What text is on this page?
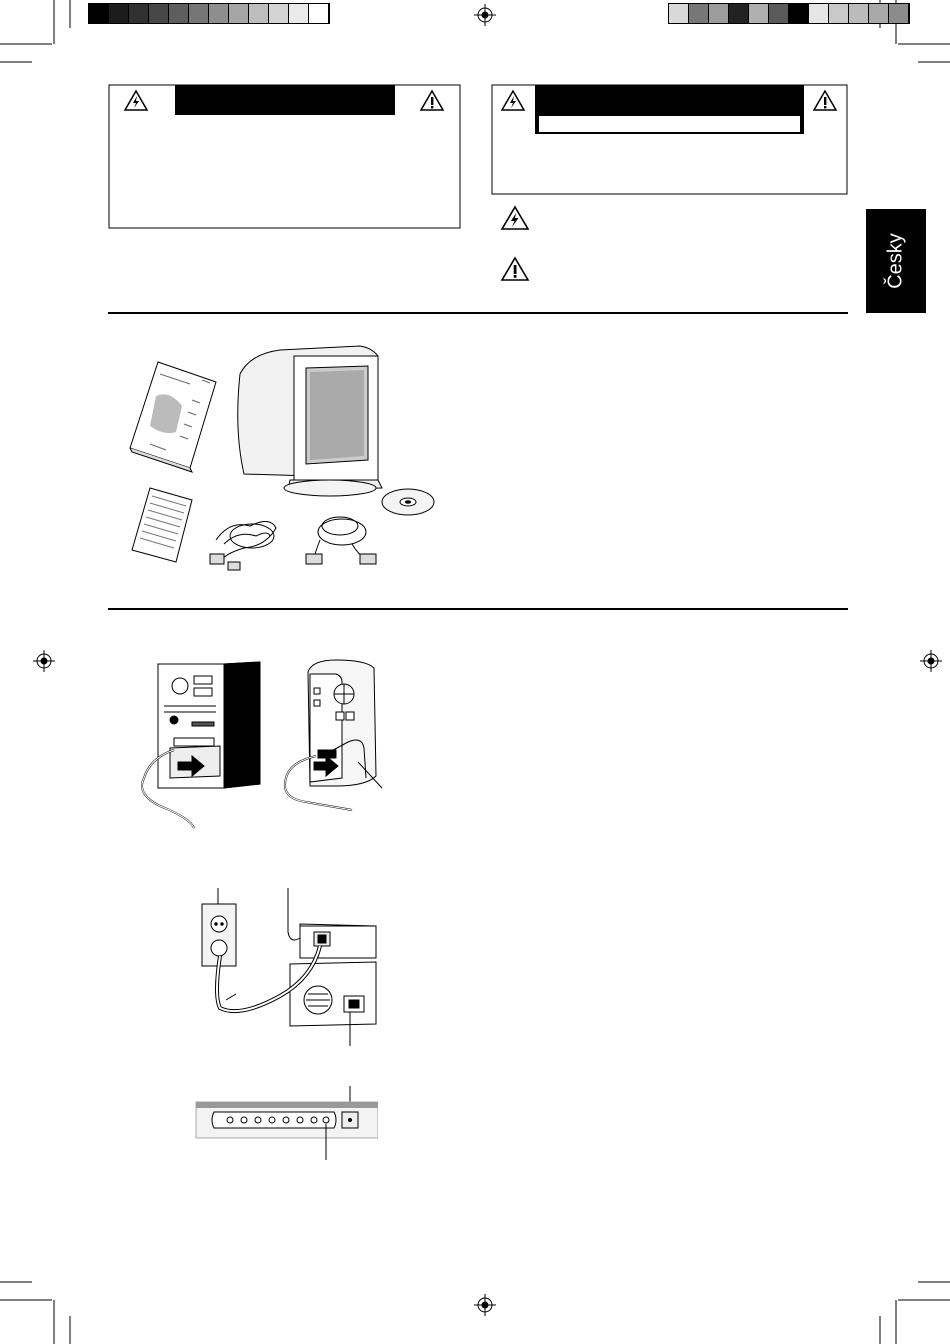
Česky
